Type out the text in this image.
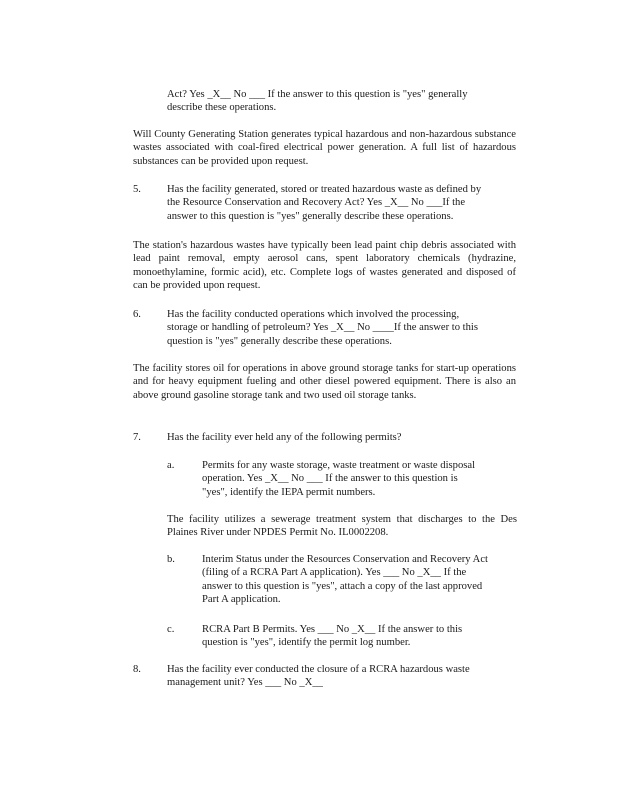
Act? Yes _X__ No ___ If the answer to this question is "yes" generally
describe these operations.

Will County Generating Station generates typical hazardous and non-hazardous substance wastes associated with coal-fired electrical power generation. A full list of hazardous substances can be provided upon request.

5. Has the facility generated, stored or treated hazardous waste as defined by
the Resource Conservation and Recovery Act? Yes _X__ No ___If the
answer to this question is "yes" generally describe these operations.

The station's hazardous wastes have typically been lead paint chip debris associated with lead paint removal, empty aerosol cans, spent laboratory chemicals (hydrazine, monoethylamine, formic acid), etc. Complete logs of wastes generated and disposed of can be provided upon request.

6. Has the facility conducted operations which involved the processing,
storage or handling of petroleum? Yes _X__ No ____If the answer to this
question is "yes" generally describe these operations.

The facility stores oil for operations in above ground storage tanks for start-up operations and for heavy equipment fueling and other diesel powered equipment. There is also an above ground gasoline storage tank and two used oil storage tanks.

7. Has the facility ever held any of the following permits?
a.	Permits for any waste storage, waste treatment or waste disposal
operation. Yes _X__ No ___ If the answer to this question is
"yes", identify the IEPA permit numbers.

The facility utilizes a sewerage treatment system that discharges to the Des Plaines River under NPDES Permit No. IL0002208.

b.	Interim Status under the Resources Conservation and Recovery Act
(filing of a RCRA Part A application). Yes ___ No _X__ If the
answer to this question is "yes", attach a copy of the last approved
Part A application.
c.	RCRA Part B Permits. Yes ___ No _X__ If the answer to this
question is "yes", identify the permit log number.
8. Has the facility ever conducted the closure of a RCRA hazardous waste
management unit? Yes ___ No _X__
